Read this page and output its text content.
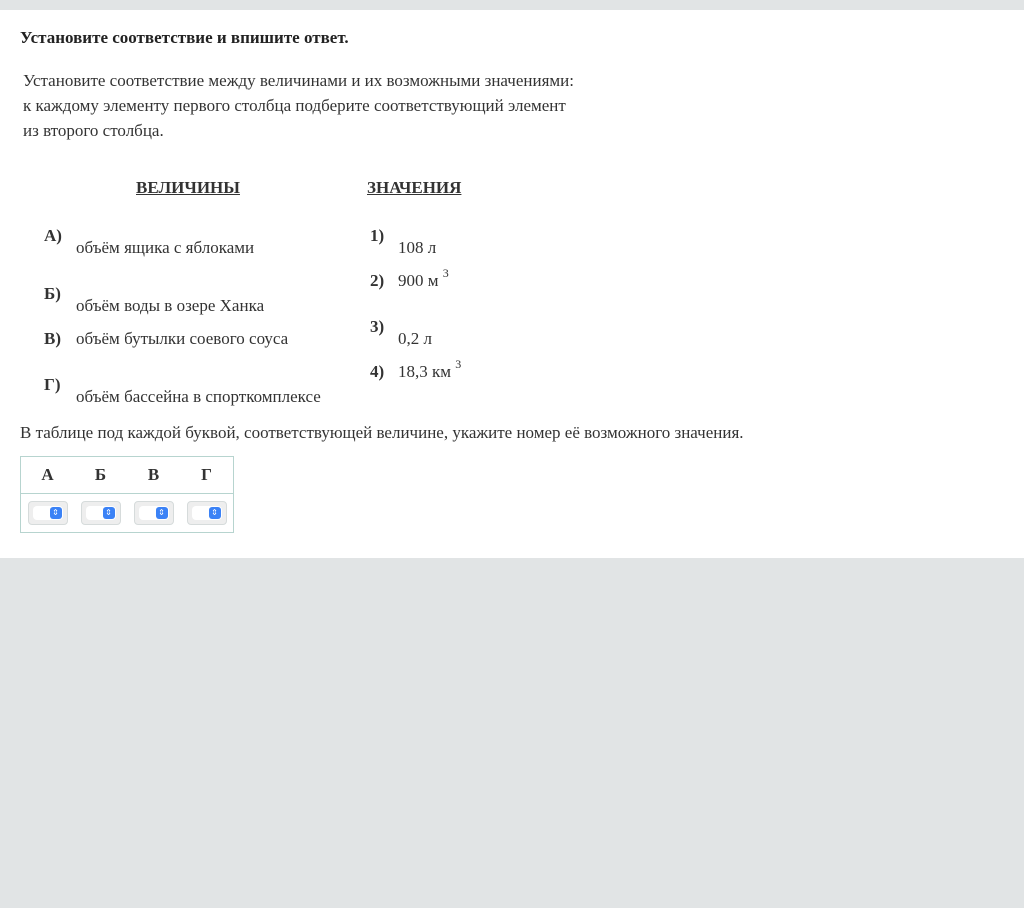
Установите соответствие и впишите ответ.
Установите соответствие между величинами и их возможными значениями:
к каждому элементу первого столбца подберите соответствующий элемент
из второго столбца.
ВЕЛИЧИНЫ	ЗНАЧЕНИЯ
А)
объём ящика с яблоками
Б)
объём воды в озере Ханка
В) объём бутылки соевого соуса
Г)
объём бассейна в спорткомплексе
1)
108 л
2) 900 м $^3$
3)
0,2 л
4) 18,3 км $^3$
В таблице под каждой буквой, соответствующей величине, укажите номер её возможного значения.
А	Б	В	Г

⇕	⇕	⇕	⇕
